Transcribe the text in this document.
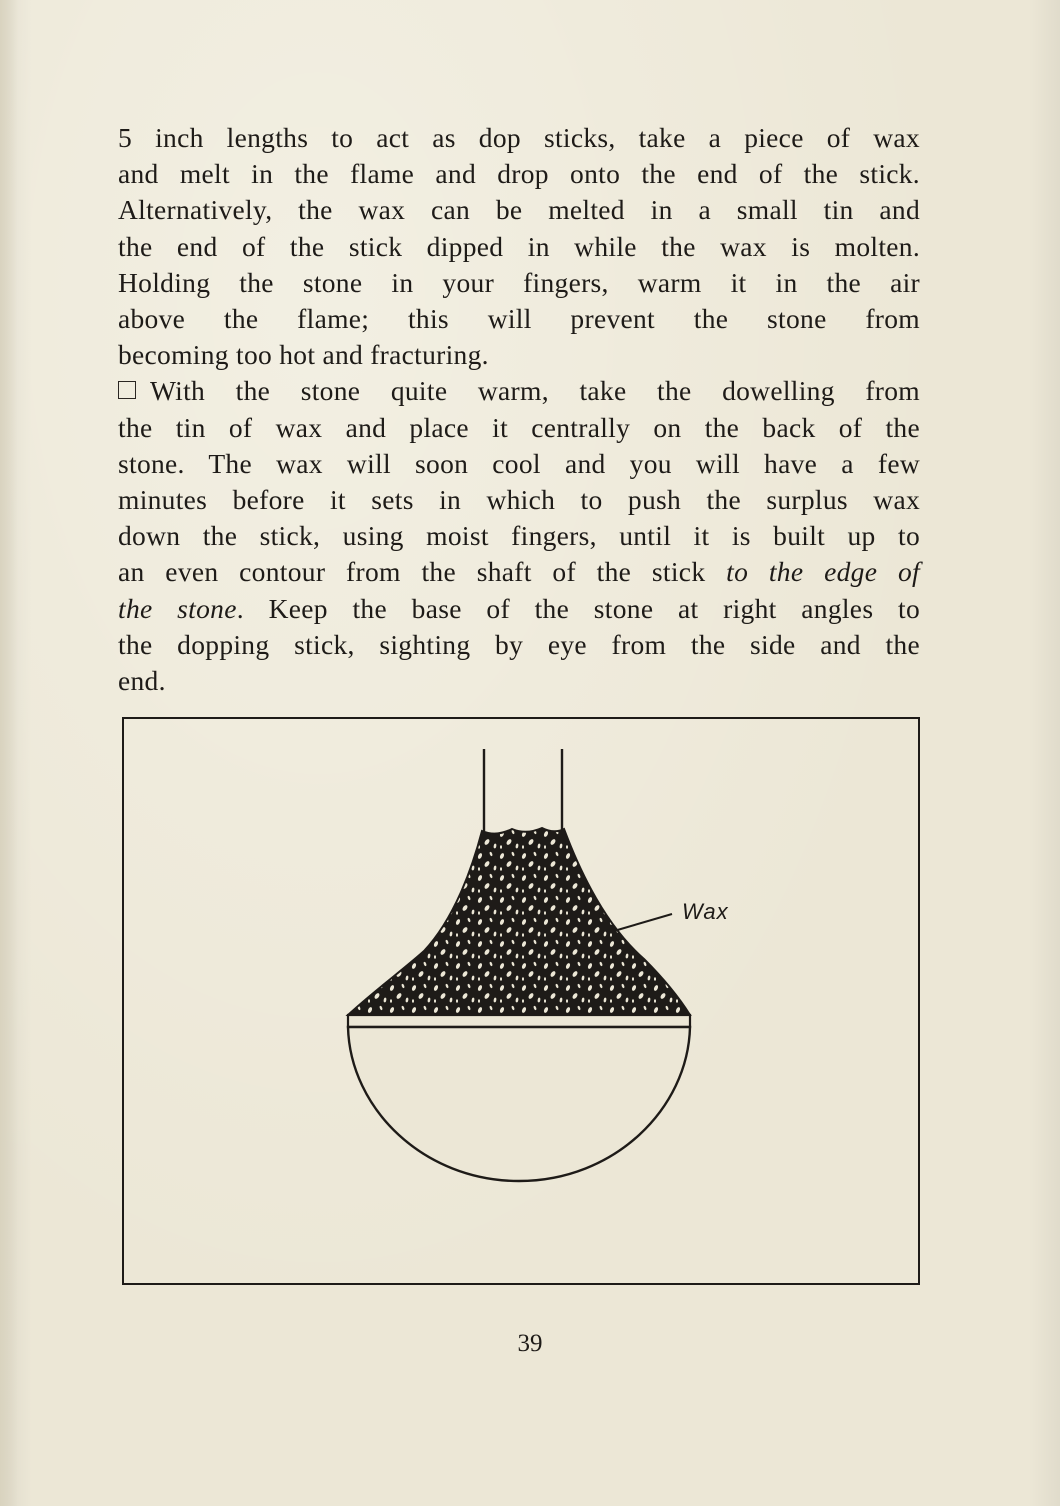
5 inch lengths to act as dop sticks, take a piece of wax
and melt in the flame and drop onto the end of the stick.
Alternatively, the wax can be melted in a small tin and
the end of the stick dipped in while the wax is molten.
Holding the stone in your fingers, warm it in the air
above the flame; this will prevent the stone from
becoming too hot and fracturing.

With the stone quite warm, take the dowelling from
the tin of wax and place it centrally on the back of the
stone. The wax will soon cool and you will have a few
minutes before it sets in which to push the surplus wax
down the stick, using moist fingers, until it is built up to
an even contour from the shaft of the stick to the edge of
the stone. Keep the base of the stone at right angles to
the dopping stick, sighting by eye from the side and the
end.

Wax
39
